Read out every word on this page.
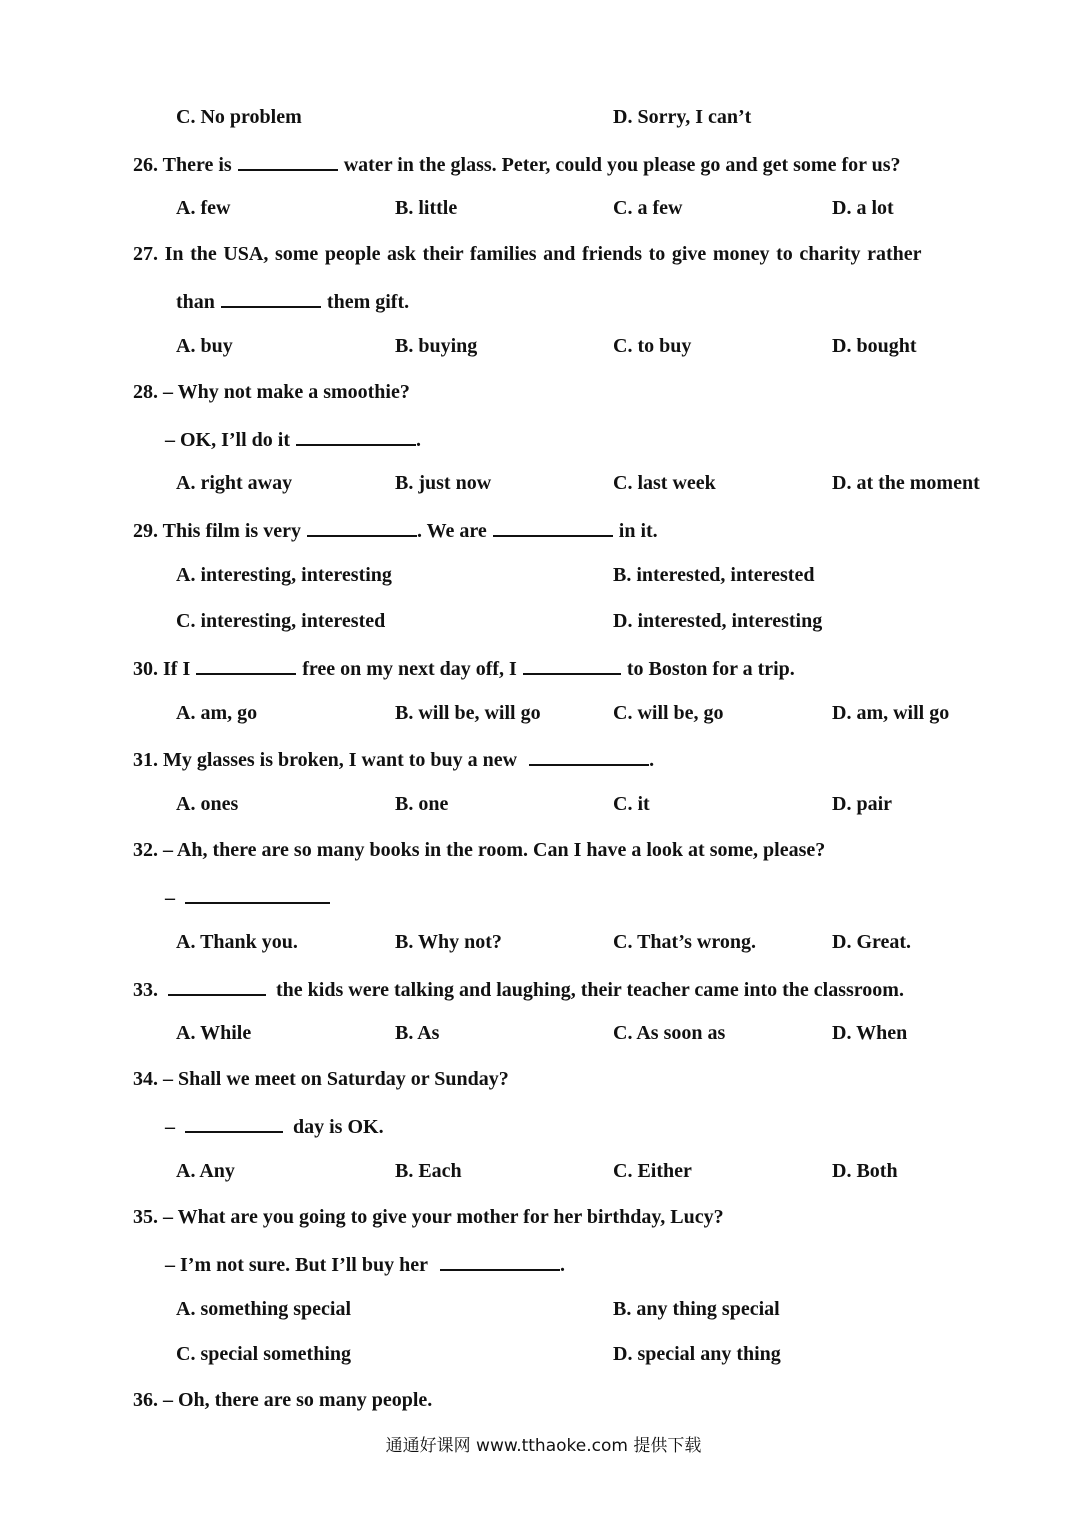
C. No problem	D. Sorry, I can’t
26. There is	water in the glass. Peter, could you please go and get some for us?
A. few	B. little	C. a few	D. a lot
27. In the USA, some people ask their families and friends to give money to charity rather
than	them gift.
A. buy	B. buying	C. to buy	D. bought
28. – Why not make a smoothie?
– OK, I’ll do it	.
A. right away	B. just now	C. last week	D. at the moment
29. This film is very	. We are	in it.
A. interesting, interesting	B. interested, interested
C. interesting, interested	D. interested, interesting
30. If I	free on my next day off, I	to Boston for a trip.
A. am, go	B. will be, will go	C. will be, go	D. am, will go
31. My glasses is broken, I want to buy a new	.
A. ones	B. one	C. it	D. pair
32. – Ah, there are so many books in the room. Can I have a look at some, please?
–
A. Thank you.	B. Why not?	C. That’s wrong.	D. Great.
33.	the kids were talking and laughing, their teacher came into the classroom.
A. While	B. As	C. As soon as	D. When
34. – Shall we meet on Saturday or Sunday?
–	day is OK.
A. Any	B. Each	C. Either	D. Both
35. – What are you going to give your mother for her birthday, Lucy?
– I’m not sure. But I’ll buy her	.
A. something special	B. any thing special
C. special something	D. special any thing
36. – Oh, there are so many people.
通通好课网 www.tthaoke.com 提供下载
